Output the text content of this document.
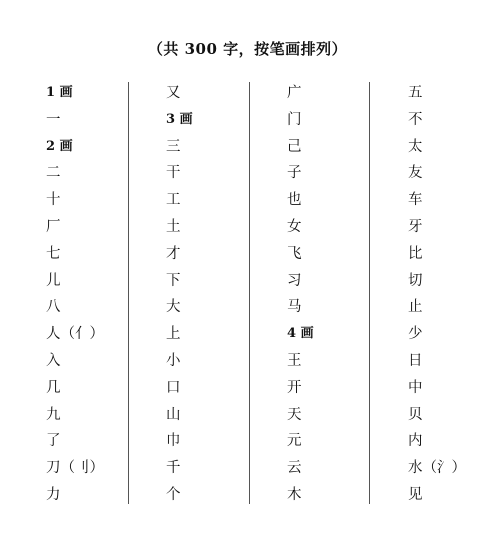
（共 300 字，按笔画排列）
1 画
一
2 画
二
十
厂
七
儿
八
人（亻）
入
几
九
了
刀（刂）
力
又
3 画
三
干
工
土
才
下
大
上
小
口
山
巾
千
个
广
门
己
子
也
女
飞
习
马
4 画
王
开
天
元
云
木
五
不
太
友
车
牙
比
切
止
少
日
中
贝
内
水（氵）
见
